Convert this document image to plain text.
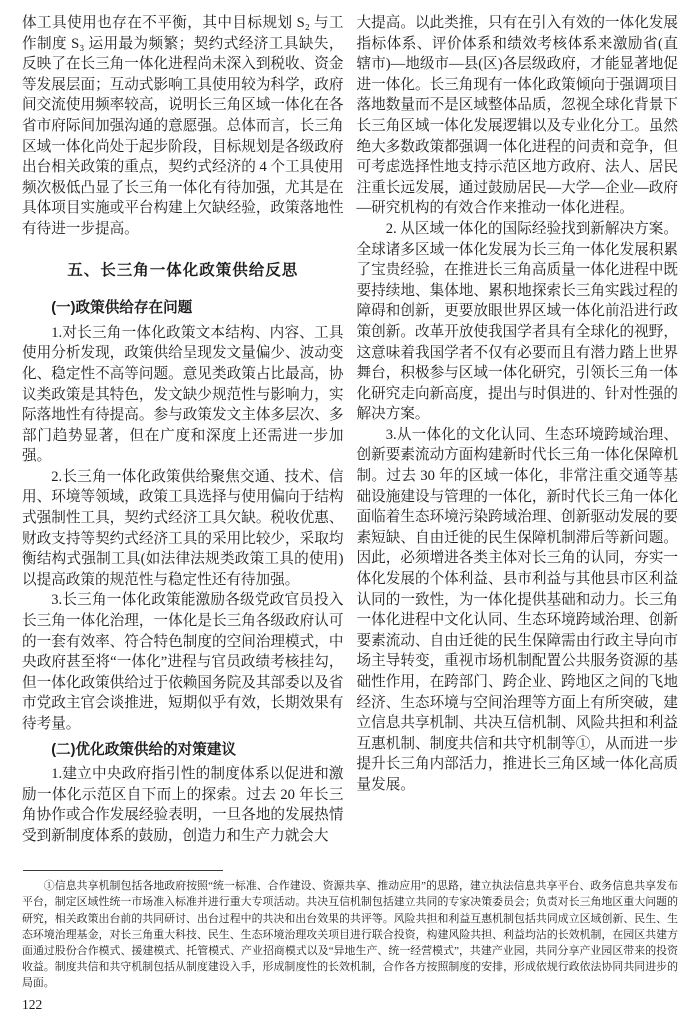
体工具使用也存在不平衡，其中目标规划 S₂ 与工作制度 S₃ 运用最为频繁；契约式经济工具缺失，反映了在长三角一体化进程尚未深入到税收、资金等发展层面；互动式影响工具使用较为科学，政府间交流使用频率较高，说明长三角区域一体化在各省市府际间加强沟通的意愿强。总体而言，长三角区域一体化尚处于起步阶段，目标规划是各级政府出台相关政策的重点，契约式经济的 4 个工具使用频次极低凸显了长三角一体化有待加强，尤其是在具体项目实施或平台构建上欠缺经验，政策落地性有待进一步提高。

五、长三角一体化政策供给反思
(一)政策供给存在问题

1.对长三角一体化政策文本结构、内容、工具使用分析发现，政策供给呈现发文量偏少、波动变化、稳定性不高等问题。意见类政策占比最高，协议类政策是其特色，发文缺少规范性与影响力，实际落地性有待提高。参与政策发文主体多层次、多部门趋势显著，但在广度和深度上还需进一步加强。

2.长三角一体化政策供给聚焦交通、技术、信用、环境等领域，政策工具选择与使用偏向于结构式强制性工具，契约式经济工具欠缺。税收优惠、财政支持等契约式经济工具的采用比较少，采取均衡结构式强制工具(如法律法规类政策工具的使用)以提高政策的规范性与稳定性还有待加强。

3.长三角一体化政策能激励各级党政官员投入长三角一体化治理，一体化是长三角各级政府认可的一套有效率、符合特色制度的空间治理模式，中央政府甚至将“一体化”进程与官员政绩考核挂勾，但一体化政策供给过于依赖国务院及其部委以及省市党政主官会谈推进，短期似乎有效，长期效果有待考量。

(二)优化政策供给的对策建议

1.建立中央政府指引性的制度体系以促进和激励一体化示范区自下而上的探索。过去 20 年长三角协作或合作发展经验表明，一旦各地的发展热情受到新制度体系的鼓励，创造力和生产力就会大

大提高。以此类推，只有在引入有效的一体化发展指标体系、评价体系和绩效考核体系来激励省(直辖市)—地级市—县(区)各层级政府，才能显著地促进一体化。长三角现有一体化政策倾向于强调项目落地数量而不是区域整体品质，忽视全球化背景下长三角区域一体化发展逻辑以及专业化分工。虽然绝大多数政策都强调一体化进程的问责和竞争，但可考虑选择性地支持示范区地方政府、法人、居民注重长远发展，通过鼓励居民—大学—企业—政府—研究机构的有效合作来推动一体化进程。

2. 从区域一体化的国际经验找到新解决方案。全球诸多区域一体化发展为长三角一体化发展积累了宝贵经验，在推进长三角高质量一体化进程中既要持续地、集体地、累积地探索长三角实践过程的障碍和创新，更要放眼世界区域一体化前沿进行政策创新。改革开放使我国学者具有全球化的视野，这意味着我国学者不仅有必要而且有潜力踏上世界舞台，积极参与区域一体化研究，引领长三角一体化研究走向新高度，提出与时俱进的、针对性强的解决方案。

3.从一体化的文化认同、生态环境跨域治理、创新要素流动方面构建新时代长三角一体化保障机制。过去 30 年的区域一体化，非常注重交通等基础设施建设与管理的一体化，新时代长三角一体化面临着生态环境污染跨域治理、创新驱动发展的要素短缺、自由迁徙的民生保障机制滞后等新问题。因此，必须增进各类主体对长三角的认同，夯实一体化发展的个体利益、县市利益与其他县市区利益认同的一致性，为一体化提供基础和动力。长三角一体化进程中文化认同、生态环境跨域治理、创新要素流动、自由迁徙的民生保障需由行政主导向市场主导转变，重视市场机制配置公共服务资源的基础性作用，在跨部门、跨企业、跨地区之间的飞地经济、生态环境与空间治理等方面上有所突破，建立信息共享机制、共决互信机制、风险共担和利益互惠机制、制度共信和共守机制等①，从而进一步提升长三角内部活力，推进长三角区域一体化高质量发展。

①信息共享机制包括各地政府按照“统一标准、合作建设、资源共享、推动应用”的思路，建立执法信息共享平台、政务信息共享发布平台，制定区域性统一市场准入标准并进行重大专项活动。共决互信机制包括建立共同的专家决策委员会；负责对长三角地区重大问题的研究，相关政策出台前的共同研讨、出台过程中的共决和出台效果的共评等。风险共担和利益互惠机制包括共同成立区域创新、民生、生态环境治理基金，对长三角重大科技、民生、生态环境治理攻关项目进行联合投资，构建风险共担、利益均沾的长效机制，在园区共建方面通过股份合作模式、援建模式、托管模式、产业招商模式以及“异地生产、统一经营模式”，共建产业园，共同分享产业园区带来的投资收益。制度共信和共守机制包括从制度建设入手，形成制度性的长效机制，合作各方按照制度的安排，形成依规行政依法协同共同进步的局面。

122
